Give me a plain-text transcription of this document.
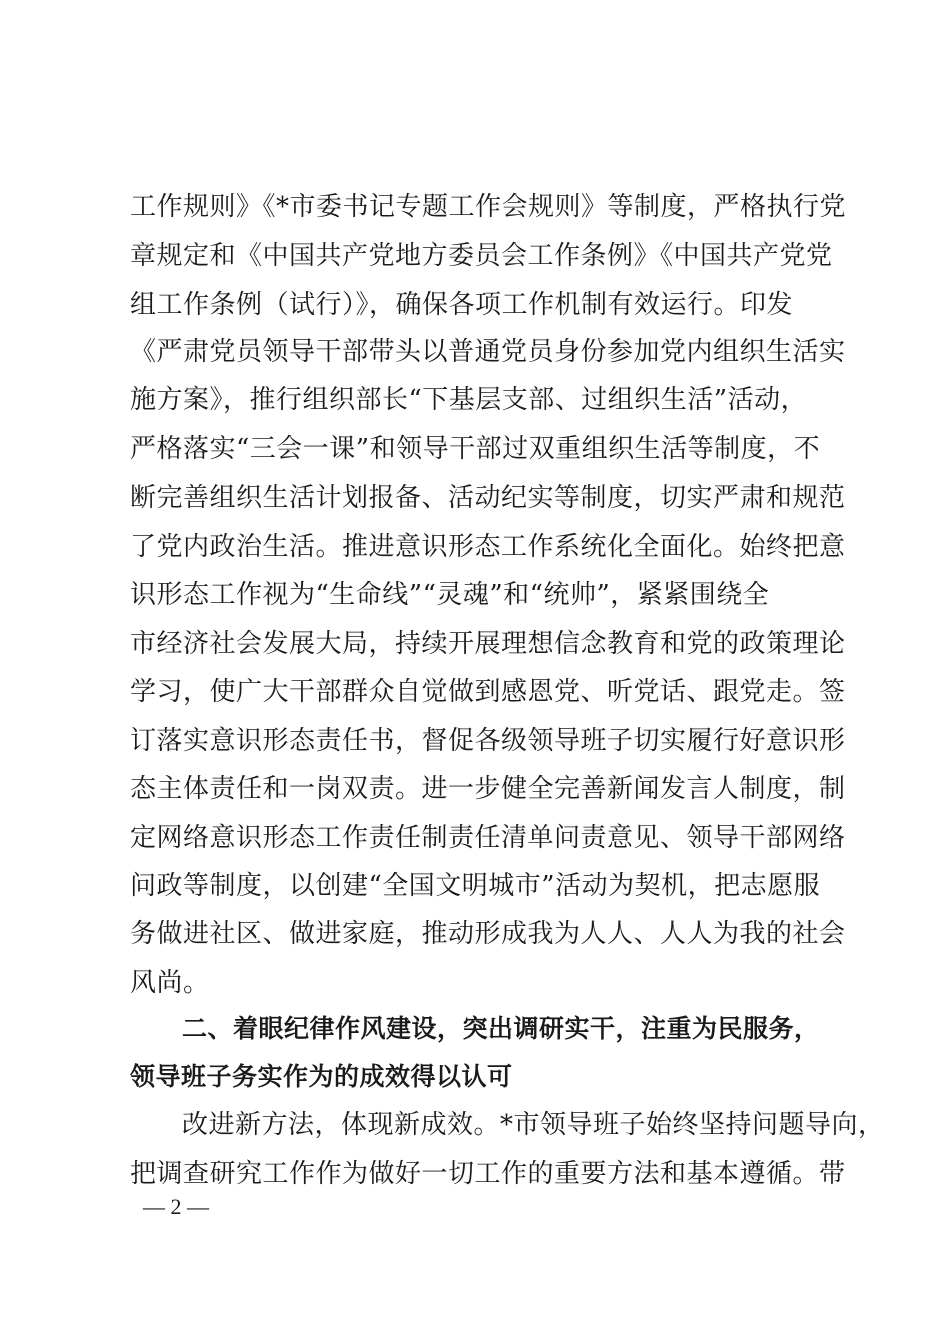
工作规则》《*市委书记专题工作会规则》等制度，严格执行党
章规定和《中国共产党地方委员会工作条例》《中国共产党党
组工作条例（试行）》，确保各项工作机制有效运行。印发
《严肃党员领导干部带头以普通党员身份参加党内组织生活实
施方案》，推行组织部长“下基层支部、过组织生活”活动，
严格落实“三会一课”和领导干部过双重组织生活等制度，不
断完善组织生活计划报备、活动纪实等制度，切实严肃和规范
了党内政治生活。推进意识形态工作系统化全面化。始终把意
识形态工作视为“生命线”“灵魂”和“统帅”，紧紧围绕全
市经济社会发展大局，持续开展理想信念教育和党的政策理论
学习，使广大干部群众自觉做到感恩党、听党话、跟党走。签
订落实意识形态责任书，督促各级领导班子切实履行好意识形
态主体责任和一岗双责。进一步健全完善新闻发言人制度，制
定网络意识形态工作责任制责任清单问责意见、领导干部网络
问政等制度，以创建“全国文明城市”活动为契机，把志愿服
务做进社区、做进家庭，推动形成我为人人、人人为我的社会
风尚。
二、着眼纪律作风建设，突出调研实干，注重为民服务，
领导班子务实作为的成效得以认可
改进新方法，体现新成效。*市领导班子始终坚持问题导向，
把调查研究工作作为做好一切工作的重要方法和基本遵循。带
— 2 —
